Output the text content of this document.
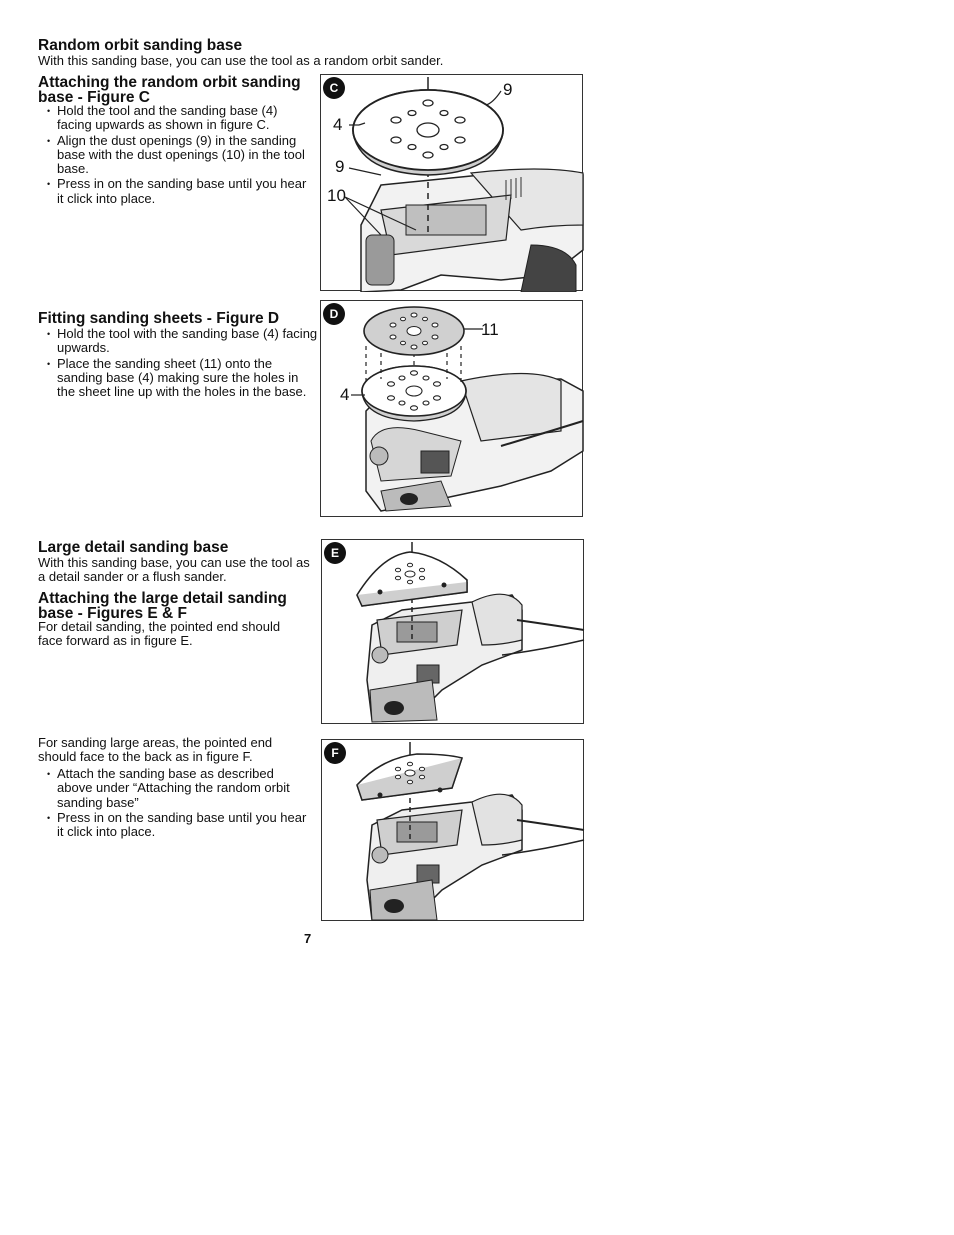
Random orbit sanding base

With this sanding base, you can use the tool as a random orbit sander.

Attaching the random orbit sanding base - Figure C
• Hold the tool and the sanding base (4) facing upwards as shown in figure C.
• Align the dust openings (9) in the sanding base with the dust openings (10) in the tool base.
• Press in on the sanding base until you hear it click into place.
Fitting sanding sheets - Figure D
• Hold the tool with the sanding base (4) facing upwards.
• Place the sanding sheet (11) onto the sanding base (4) making sure the holes in the sheet line up with the holes in the base.
Large detail sanding base

With this sanding base, you can use the tool as a detail sander or a flush sander.

Attaching the large detail sanding base - Figures E & F

For detail sanding, the pointed end should face forward as in figure E.

For sanding large areas, the pointed end should face to the back as in figure F.

• Attach the sanding base as described above under “Attaching the random orbit sanding base”
• Press in on the sanding base until you hear it click into place.
C	9
4
9
10
D
11
4
E
F
7
